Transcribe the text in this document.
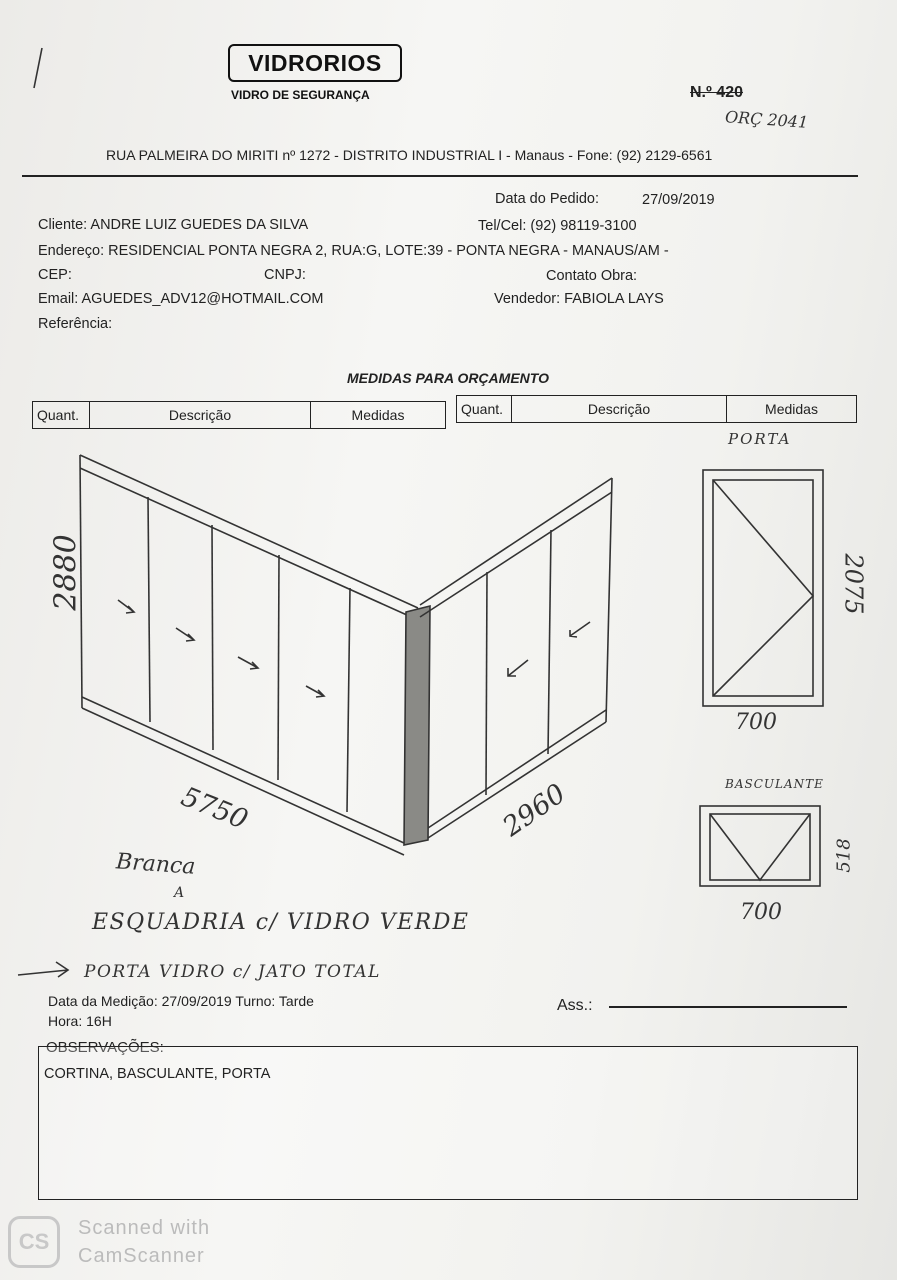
VIDRORIOS
VIDRO DE SEGURANÇA	N.º 420
ORÇ 2041
RUA PALMEIRA DO MIRITI nº 1272 - DISTRITO INDUSTRIAL I - Manaus - Fone: (92) 2129-6561
Data do Pedido:	27/09/2019
Cliente: ANDRE LUIZ GUEDES DA SILVA	Tel/Cel: (92) 98119-3100
Endereço: RESIDENCIAL PONTA NEGRA 2, RUA:G, LOTE:39 - PONTA NEGRA - MANAUS/AM -
CEP:	CNPJ:	Contato Obra:
Email: AGUEDES_ADV12@HOTMAIL.COM	Vendedor: FABIOLA LAYS
Referência:
MEDIDAS PARA ORÇAMENTO
Quant.	Descrição	Medidas	Quant.	Descrição	Medidas
2880
5750	2960
PORTA
2075
700
BASCULANTE
518
700
Branca
A
ESQUADRIA c/ VIDRO VERDE
PORTA VIDRO c/ JATO TOTAL
Data da Medição: 27/09/2019 Turno: Tarde
Hora: 16H
Ass.:
OBSERVAÇÕES:
CORTINA, BASCULANTE, PORTA
CS
Scanned with
CamScanner
